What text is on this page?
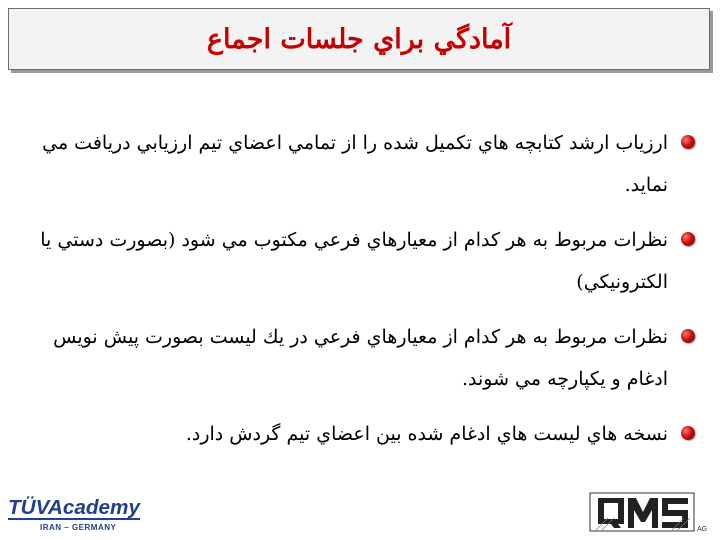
آمادگي براي جلسات اجماع
ارزياب ارشد كتابچه هاي تكميل شده را از تمامي اعضاي تيم ارزيابي دريافت مي نمايد.
نظرات مربوط به هر كدام از معيارهاي فرعي مكتوب مي شود (بصورت دستي يا الكترونيكي)
نظرات مربوط به هر كدام از معيارهاي فرعي در يك ليست بصورت پيش نويس ادغام و يكپارچه مي شوند.
نسخه هاي ليست هاي ادغام شده بين اعضاي تيم گردش دارد.
TÜVAcademy
IRAN – GERMANY	AG
